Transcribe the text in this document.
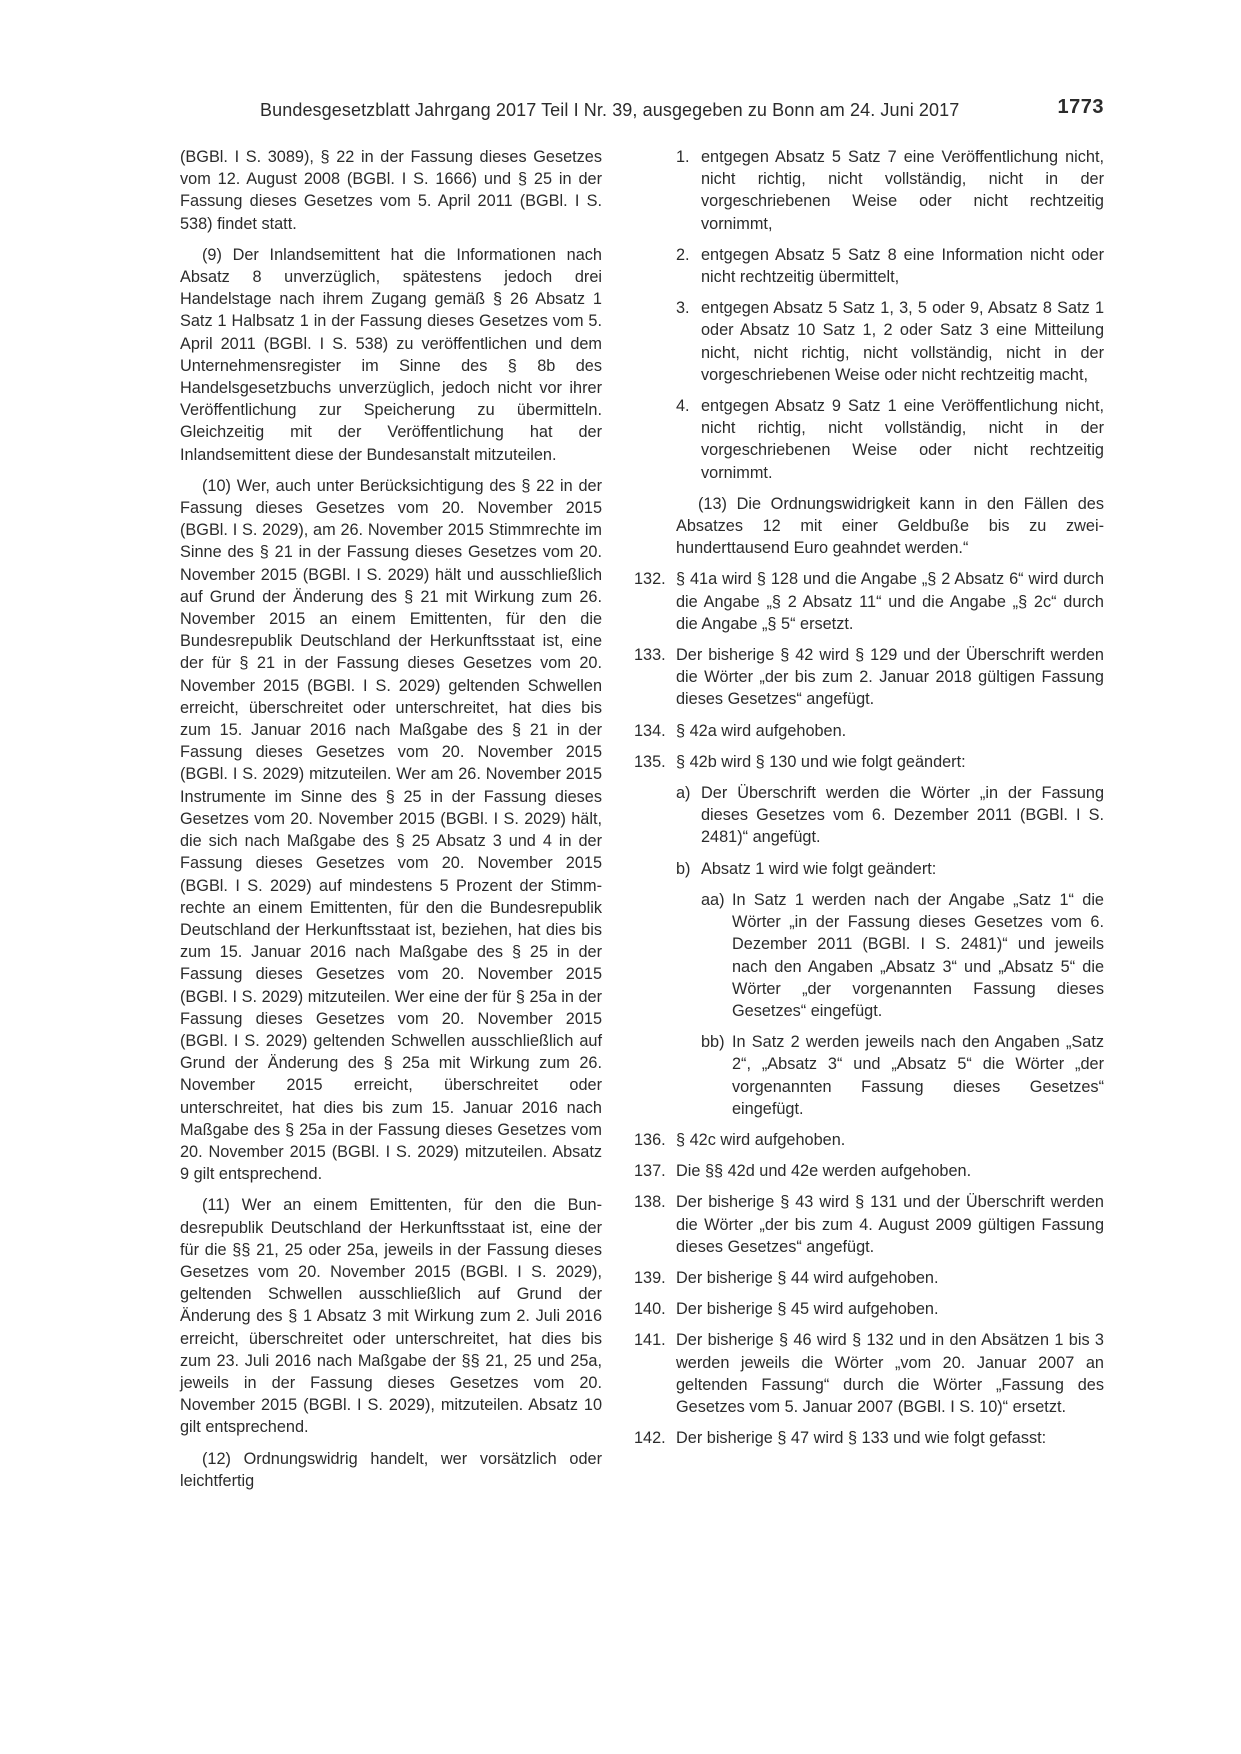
Bundesgesetzblatt Jahrgang 2017 Teil I Nr. 39, ausgegeben zu Bonn am 24. Juni 2017	1773

(BGBl. I S. 3089), § 22 in der Fassung dieses Gesetzes vom 12. August 2008 (BGBl. I S. 1666) und § 25 in der Fassung dieses Gesetzes vom 5. April 2011 (BGBl. I S. 538) findet statt.

(9) Der Inlandsemittent hat die Informationen nach Absatz 8 unverzüglich, spätestens jedoch drei Handelstage nach ihrem Zugang gemäß § 26 Absatz 1 Satz 1 Halbsatz 1 in der Fassung dieses Gesetzes vom 5. April 2011 (BGBl. I S. 538) zu veröffentlichen und dem Unternehmensregister im Sinne des § 8b des Handelsgesetzbuchs unverzüglich, jedoch nicht vor ihrer Veröffentlichung zur Speicherung zu übermitteln. Gleichzeitig mit der Veröffentlichung hat der Inlandsemittent diese der Bundesanstalt mitzuteilen.

(10) Wer, auch unter Berücksichtigung des § 22 in der Fassung dieses Gesetzes vom 20. November 2015 (BGBl. I S. 2029), am 26. November 2015 Stimmrechte im Sinne des § 21 in der Fassung dieses Gesetzes vom 20. November 2015 (BGBl. I S. 2029) hält und ausschließlich auf Grund der Änderung des § 21 mit Wirkung zum 26. November 2015 an einem Emittenten, für den die Bundesrepublik Deutschland der Herkunftsstaat ist, eine der für § 21 in der Fassung dieses Gesetzes vom 20. November 2015 (BGBl. I S. 2029) geltenden Schwellen erreicht, überschreitet oder unterschreitet, hat dies bis zum 15. Januar 2016 nach Maßgabe des § 21 in der Fassung dieses Gesetzes vom 20. November 2015 (BGBl. I S. 2029) mitzuteilen. Wer am 26. November 2015 Instrumente im Sinne des § 25 in der Fassung dieses Gesetzes vom 20. November 2015 (BGBl. I S. 2029) hält, die sich nach Maßgabe des § 25 Absatz 3 und 4 in der Fassung dieses Gesetzes vom 20. November 2015 (BGBl. I S. 2029) auf mindestens 5 Prozent der Stimmrechte an einem Emittenten, für den die Bundesrepublik Deutschland der Herkunftsstaat ist, beziehen, hat dies bis zum 15. Januar 2016 nach Maßgabe des § 25 in der Fassung dieses Gesetzes vom 20. November 2015 (BGBl. I S. 2029) mitzuteilen. Wer eine der für § 25a in der Fassung dieses Gesetzes vom 20. November 2015 (BGBl. I S. 2029) geltenden Schwellen ausschließlich auf Grund der Änderung des § 25a mit Wirkung zum 26. November 2015 erreicht, überschreitet oder unterschreitet, hat dies bis zum 15. Januar 2016 nach Maßgabe des § 25a in der Fassung dieses Gesetzes vom 20. November 2015 (BGBl. I S. 2029) mitzuteilen. Absatz 9 gilt entsprechend.

(11) Wer an einem Emittenten, für den die Bundesrepublik Deutschland der Herkunftsstaat ist, eine der für die §§ 21, 25 oder 25a, jeweils in der Fassung dieses Gesetzes vom 20. November 2015 (BGBl. I S. 2029), geltenden Schwellen ausschließlich auf Grund der Änderung des § 1 Absatz 3 mit Wirkung zum 2. Juli 2016 erreicht, überschreitet oder unterschreitet, hat dies bis zum 23. Juli 2016 nach Maßgabe der §§ 21, 25 und 25a, jeweils in der Fassung dieses Gesetzes vom 20. November 2015 (BGBl. I S. 2029), mitzuteilen. Absatz 10 gilt entsprechend.

(12) Ordnungswidrig handelt, wer vorsätzlich oder leichtfertig

1. entgegen Absatz 5 Satz 7 eine Veröffentlichung nicht, nicht richtig, nicht vollständig, nicht in der vorgeschriebenen Weise oder nicht rechtzeitig vornimmt,
2. entgegen Absatz 5 Satz 8 eine Information nicht oder nicht rechtzeitig übermittelt,
3. entgegen Absatz 5 Satz 1, 3, 5 oder 9, Absatz 8 Satz 1 oder Absatz 10 Satz 1, 2 oder Satz 3 eine Mitteilung nicht, nicht richtig, nicht vollständig, nicht in der vorgeschriebenen Weise oder nicht rechtzeitig macht,
4. entgegen Absatz 9 Satz 1 eine Veröffentlichung nicht, nicht richtig, nicht vollständig, nicht in der vorgeschriebenen Weise oder nicht rechtzeitig vornimmt.

(13) Die Ordnungswidrigkeit kann in den Fällen des Absatzes 12 mit einer Geldbuße bis zu zweihunderttausend Euro geahndet werden.“

132. § 41a wird § 128 und die Angabe „§ 2 Absatz 6“ wird durch die Angabe „§ 2 Absatz 11“ und die Angabe „§ 2c“ durch die Angabe „§ 5“ ersetzt.
133. Der bisherige § 42 wird § 129 und der Überschrift werden die Wörter „der bis zum 2. Januar 2018 gültigen Fassung dieses Gesetzes“ angefügt.
134. § 42a wird aufgehoben.
135. § 42b wird § 130 und wie folgt geändert:
a) Der Überschrift werden die Wörter „in der Fassung dieses Gesetzes vom 6. Dezember 2011 (BGBl. I S. 2481)“ angefügt.
b) Absatz 1 wird wie folgt geändert:
aa) In Satz 1 werden nach der Angabe „Satz 1“ die Wörter „in der Fassung dieses Gesetzes vom 6. Dezember 2011 (BGBl. I S. 2481)“ und jeweils nach den Angaben „Absatz 3“ und „Absatz 5“ die Wörter „der vorgenannten Fassung dieses Gesetzes“ eingefügt.
bb) In Satz 2 werden jeweils nach den Angaben „Satz 2“, „Absatz 3“ und „Absatz 5“ die Wörter „der vorgenannten Fassung dieses Gesetzes“ eingefügt.
136. § 42c wird aufgehoben.
137. Die §§ 42d und 42e werden aufgehoben.
138. Der bisherige § 43 wird § 131 und der Überschrift werden die Wörter „der bis zum 4. August 2009 gültigen Fassung dieses Gesetzes“ angefügt.
139. Der bisherige § 44 wird aufgehoben.
140. Der bisherige § 45 wird aufgehoben.
141. Der bisherige § 46 wird § 132 und in den Absätzen 1 bis 3 werden jeweils die Wörter „vom 20. Januar 2007 an geltenden Fassung“ durch die Wörter „Fassung des Gesetzes vom 5. Januar 2007 (BGBl. I S. 10)“ ersetzt.
142. Der bisherige § 47 wird § 133 und wie folgt gefasst:
